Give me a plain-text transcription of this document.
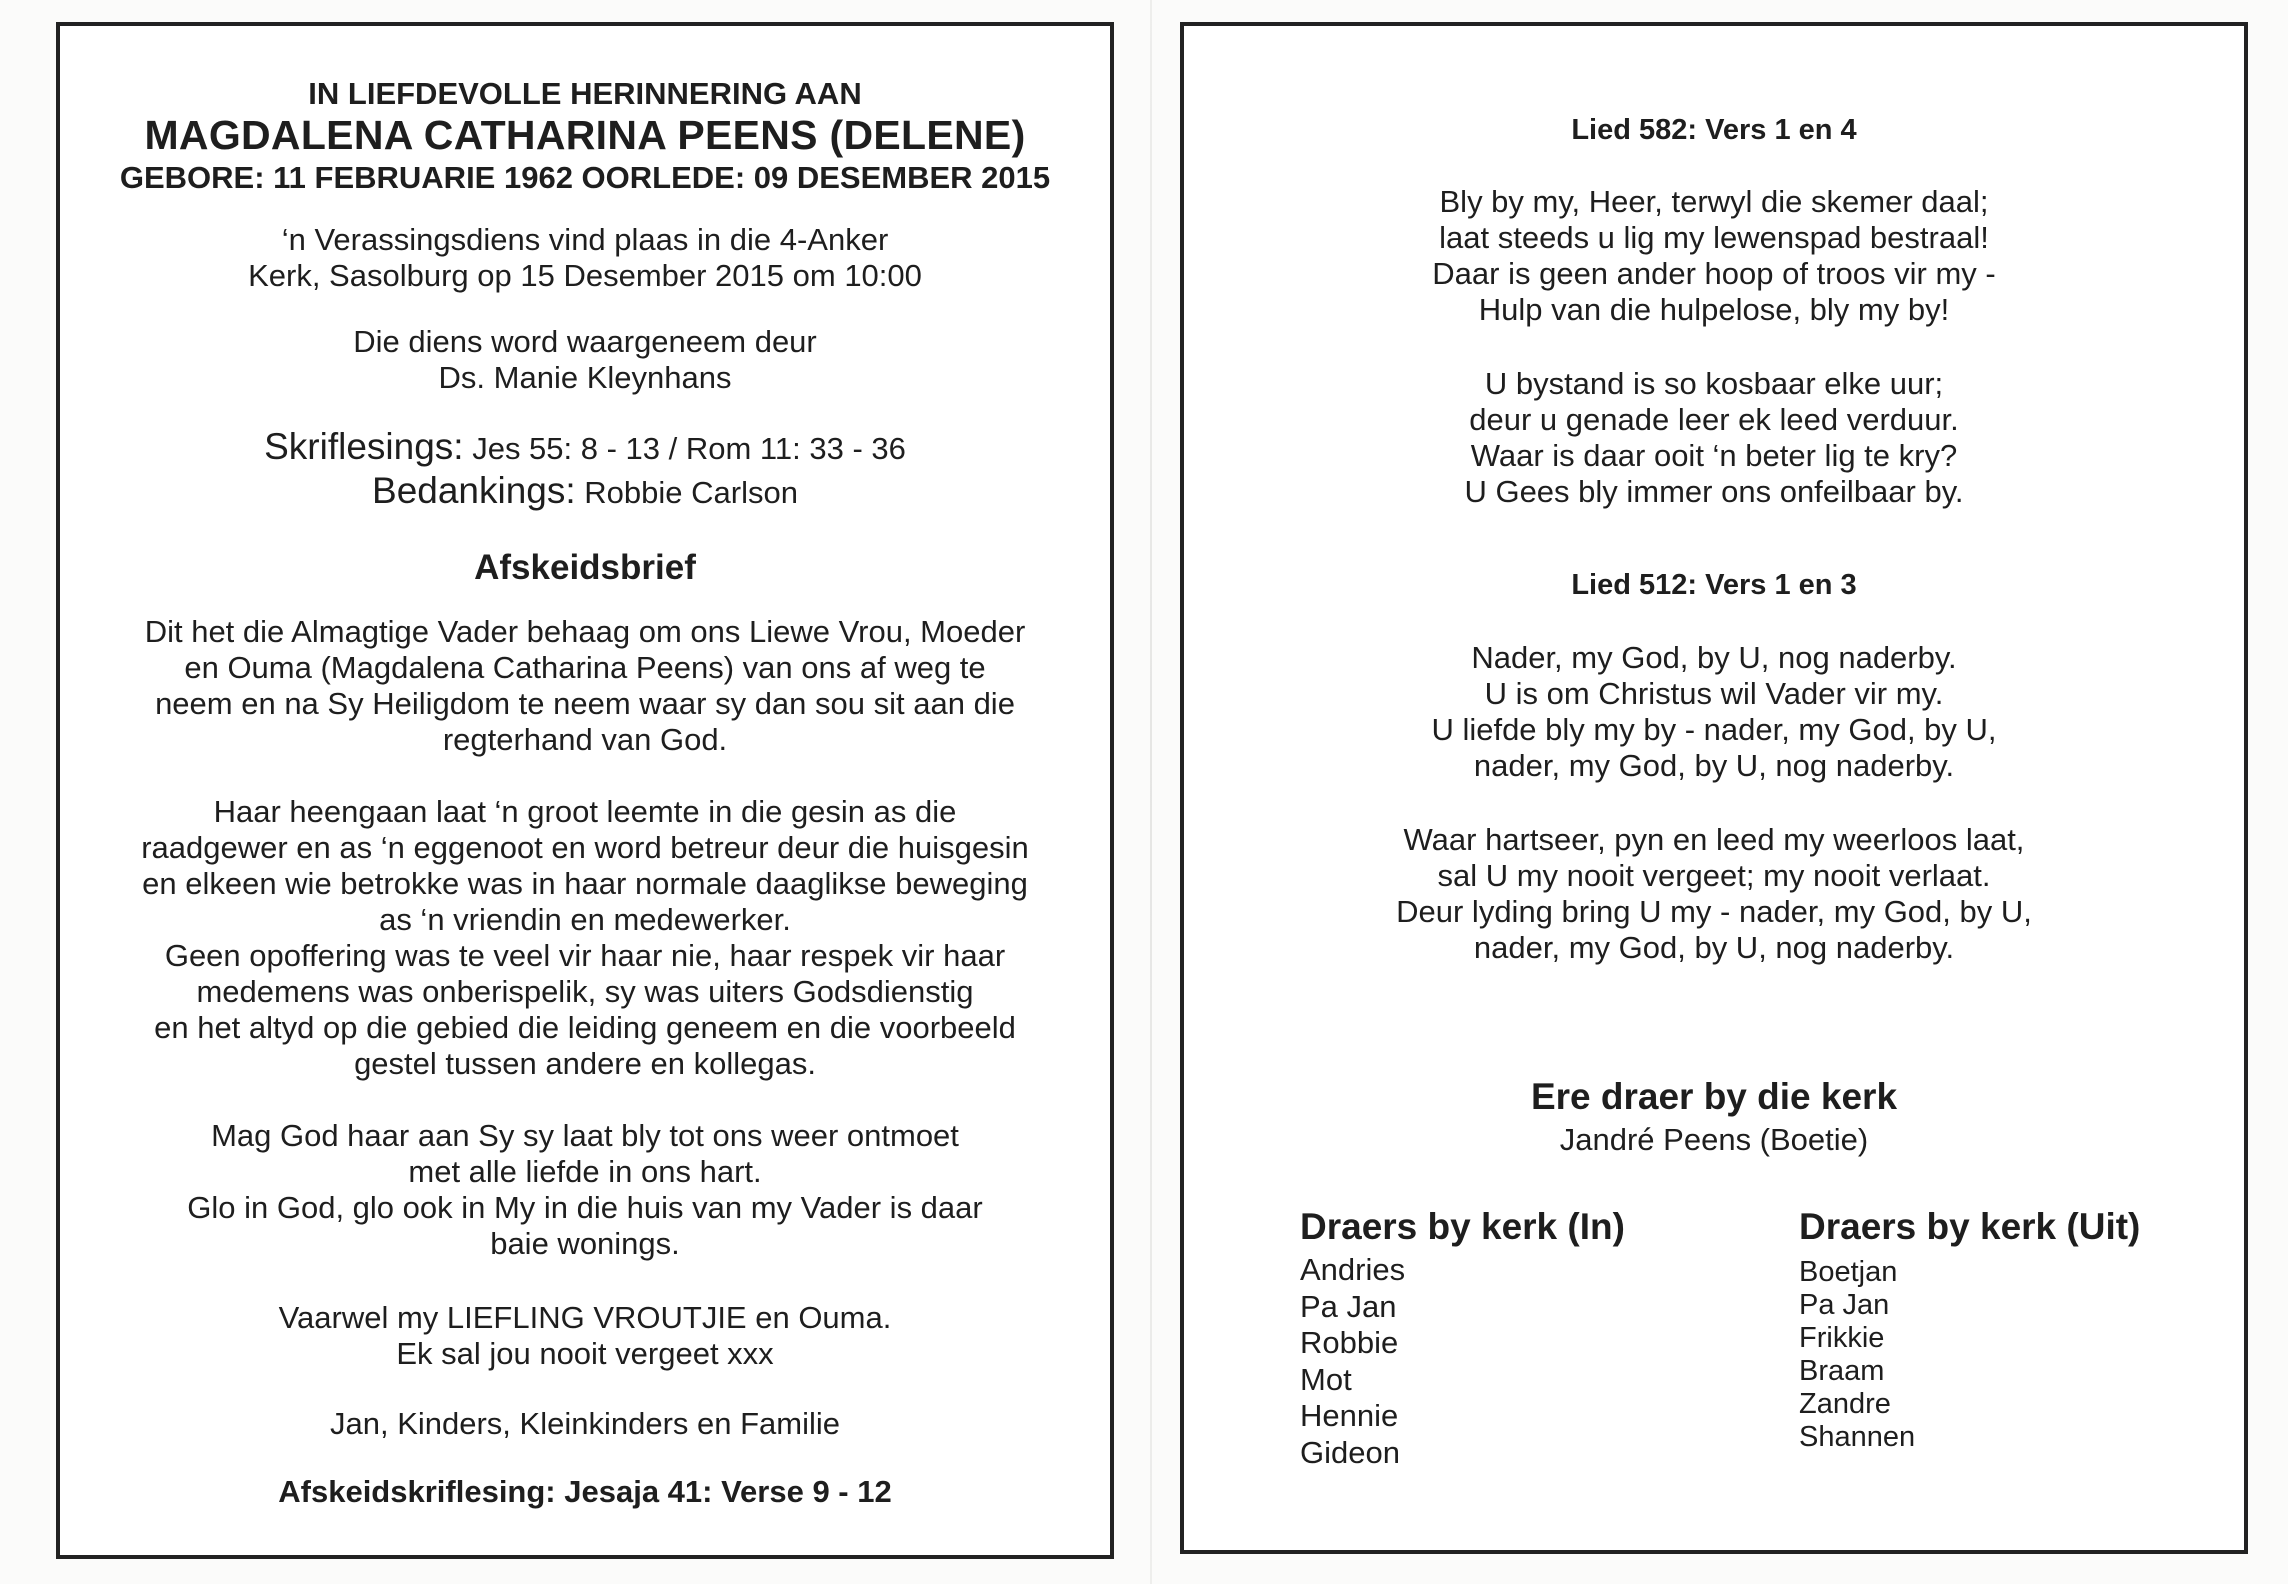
IN LIEFDEVOLLE HERINNERING AAN
MAGDALENA CATHARINA PEENS (DELENE)
GEBORE: 11 FEBRUARIE 1962 OORLEDE: 09 DESEMBER 2015
‘n Verassingsdiens vind plaas in die 4-Anker
Kerk, Sasolburg op 15 Desember 2015 om 10:00
Die diens word waargeneem deur
Ds. Manie Kleynhans
Skriflesings: Jes 55: 8 - 13 / Rom 11: 33 - 36
Bedankings: Robbie Carlson
Afskeidsbrief
Dit het die Almagtige Vader behaag om ons Liewe Vrou, Moeder
en Ouma (Magdalena Catharina Peens) van ons af weg te
neem en na Sy Heiligdom te neem waar sy dan sou sit aan die
regterhand van God.
Haar heengaan laat ‘n groot leemte in die gesin as die
raadgewer en as ‘n eggenoot en word betreur deur die huisgesin
en elkeen wie betrokke was in haar normale daaglikse beweging
as ‘n vriendin en medewerker.
Geen opoffering was te veel vir haar nie, haar respek vir haar
medemens was onberispelik, sy was uiters Godsdienstig
en het altyd op die gebied die leiding geneem en die voorbeeld
gestel tussen andere en kollegas.
Mag God haar aan Sy sy laat bly tot ons weer ontmoet
met alle liefde in ons hart.
Glo in God, glo ook in My in die huis van my Vader is daar
baie wonings.
Vaarwel my LIEFLING VROUTJIE en Ouma.
Ek sal jou nooit vergeet xxx
Jan, Kinders, Kleinkinders en Familie
Afskeidskriflesing: Jesaja 41: Verse 9 - 12
Lied 582: Vers 1 en 4
Bly by my, Heer, terwyl die skemer daal;
laat steeds u lig my lewenspad bestraal!
Daar is geen ander hoop of troos vir my -
Hulp van die hulpelose, bly my by!
U bystand is so kosbaar elke uur;
deur u genade leer ek leed verduur.
Waar is daar ooit ‘n beter lig te kry?
U Gees bly immer ons onfeilbaar by.
Lied 512: Vers 1 en 3
Nader, my God, by U, nog naderby.
U is om Christus wil Vader vir my.
U liefde bly my by - nader, my God, by U,
nader, my God, by U, nog naderby.
Waar hartseer, pyn en leed my weerloos laat,
sal U my nooit vergeet; my nooit verlaat.
Deur lyding bring U my - nader, my God, by U,
nader, my God, by U, nog naderby.
Ere draer by die kerk
Jandré Peens (Boetie)
Draers by kerk (In)
Andries
Pa Jan
Robbie
Mot
Hennie
Gideon
Draers by kerk (Uit)
Boetjan
Pa Jan
Frikkie
Braam
Zandre
Shannen
